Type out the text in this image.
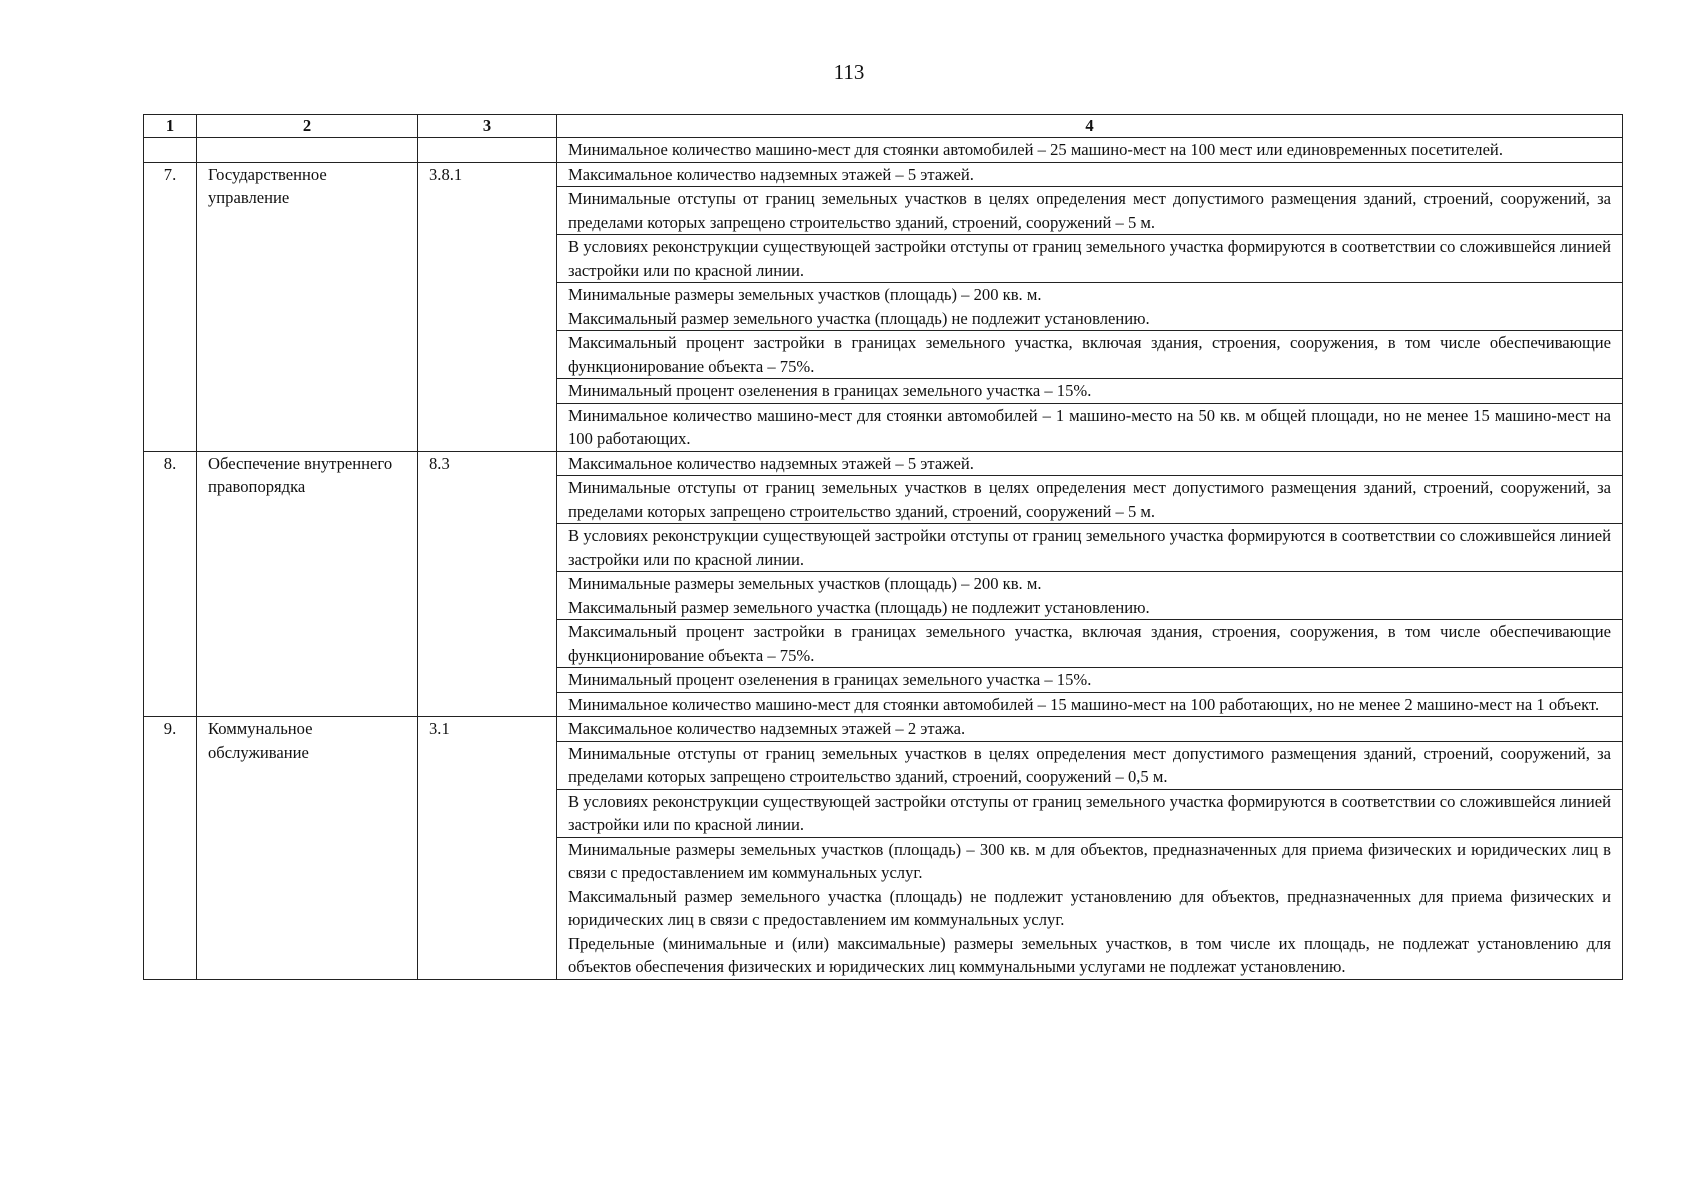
113
1	2	3	4
			Минимальное количество машино-мест для стоянки автомобилей – 25 машино-мест на 100 мест или единовременных посетителей.
7.	Государственное управление	3.8.1	Максимальное количество надземных этажей – 5 этажей.
			Минимальные отступы от границ земельных участков в целях определения мест допустимого размещения зданий, строений, сооружений, за пределами которых запрещено строительство зданий, строений, сооружений – 5 м.
			В условиях реконструкции существующей застройки отступы от границ земельного участка формируются в соответствии со сложившейся линией застройки или по красной линии.

			Минимальные размеры земельных участков (площадь) – 200 кв. м.
Максимальный размер земельного участка (площадь) не подлежит установлению.

			Максимальный процент застройки в границах земельного участка, включая здания, строения, сооружения, в том числе обеспечивающие функционирование объекта – 75%.
			Минимальный процент озеленения в границах земельного участка – 15%.
			Минимальное количество машино-мест для стоянки автомобилей – 1 машино-место на 50 кв. м общей площади, но не менее 15 машино-мест на 100 работающих.
8.	Обеспечение внутреннего правопорядка	8.3	Максимальное количество надземных этажей – 5 этажей.
			Минимальные отступы от границ земельных участков в целях определения мест допустимого размещения зданий, строений, сооружений, за пределами которых запрещено строительство зданий, строений, сооружений – 5 м.
			В условиях реконструкции существующей застройки отступы от границ земельного участка формируются в соответствии со сложившейся линией застройки или по красной линии.

			Минимальные размеры земельных участков (площадь) – 200 кв. м.
Максимальный размер земельного участка (площадь) не подлежит установлению.

			Максимальный процент застройки в границах земельного участка, включая здания, строения, сооружения, в том числе обеспечивающие функционирование объекта – 75%.
			Минимальный процент озеленения в границах земельного участка – 15%.
			Минимальное количество машино-мест для стоянки автомобилей – 15 машино-мест на 100 работающих, но не менее 2 машино-мест на 1 объект.
9.	Коммунальное обслуживание	3.1	Максимальное количество надземных этажей – 2 этажа.
			Минимальные отступы от границ земельных участков в целях определения мест допустимого размещения зданий, строений, сооружений, за пределами которых запрещено строительство зданий, строений, сооружений – 0,5 м.
			В условиях реконструкции существующей застройки отступы от границ земельного участка формируются в соответствии со сложившейся линией застройки или по красной линии.

			Минимальные размеры земельных участков (площадь) – 300 кв. м для объектов, предназначенных для приема физических и юридических лиц в связи с предоставлением им коммунальных услуг.
Максимальный размер земельного участка (площадь) не подлежит установлению для объектов, предназначенных для приема физических и юридических лиц в связи с предоставлением им коммунальных услуг.
Предельные (минимальные и (или) максимальные) размеры земельных участков, в том числе их площадь, не подлежат установлению для объектов обеспечения физических и юридических лиц коммунальными услугами не подлежат установлению.
